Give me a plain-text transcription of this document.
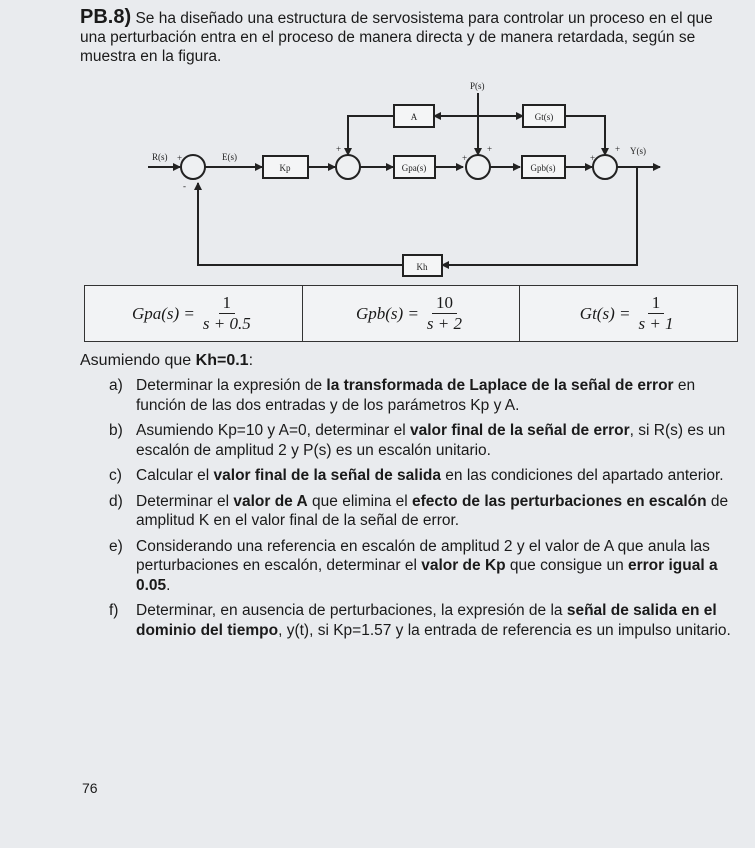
PB.8) Se ha diseñado una estructura de servosistema para controlar un proceso en el que una perturbación entra en el proceso de manera directa y de manera retardada, según se muestra en la figura.
Kp	Gpa(s)	Gpb(s)
A	Gt(s)
Kh
P(s)
R(s)	E(s)
Y(s)
+
-
+	+
+
+
+
$Gpa(s) = \frac{1}{s + 0.5}$	$Gpb(s) = \frac{10}{s + 2}$	$Gt(s) = \frac{1}{s + 1}$
Asumiendo que Kh=0.1:
a) Determinar la expresión de la transformada de Laplace de la señal de error en función de las dos entradas y de los parámetros Kp y A.
b) Asumiendo Kp=10 y A=0, determinar el valor final de la señal de error, si R(s) es un escalón de amplitud 2 y P(s) es un escalón unitario.
c) Calcular el valor final de la señal de salida en las condiciones del apartado anterior.
d) Determinar el valor de A que elimina el efecto de las perturbaciones en escalón de amplitud K en el valor final de la señal de error.
e) Considerando una referencia en escalón de amplitud 2 y el valor de A que anula las perturbaciones en escalón, determinar el valor de Kp que consigue un error igual a 0.05.
f)	Determinar, en ausencia de perturbaciones, la expresión de la señal de salida en el dominio del tiempo, y(t), si Kp=1.57 y la entrada de referencia es un impulso unitario.
76
